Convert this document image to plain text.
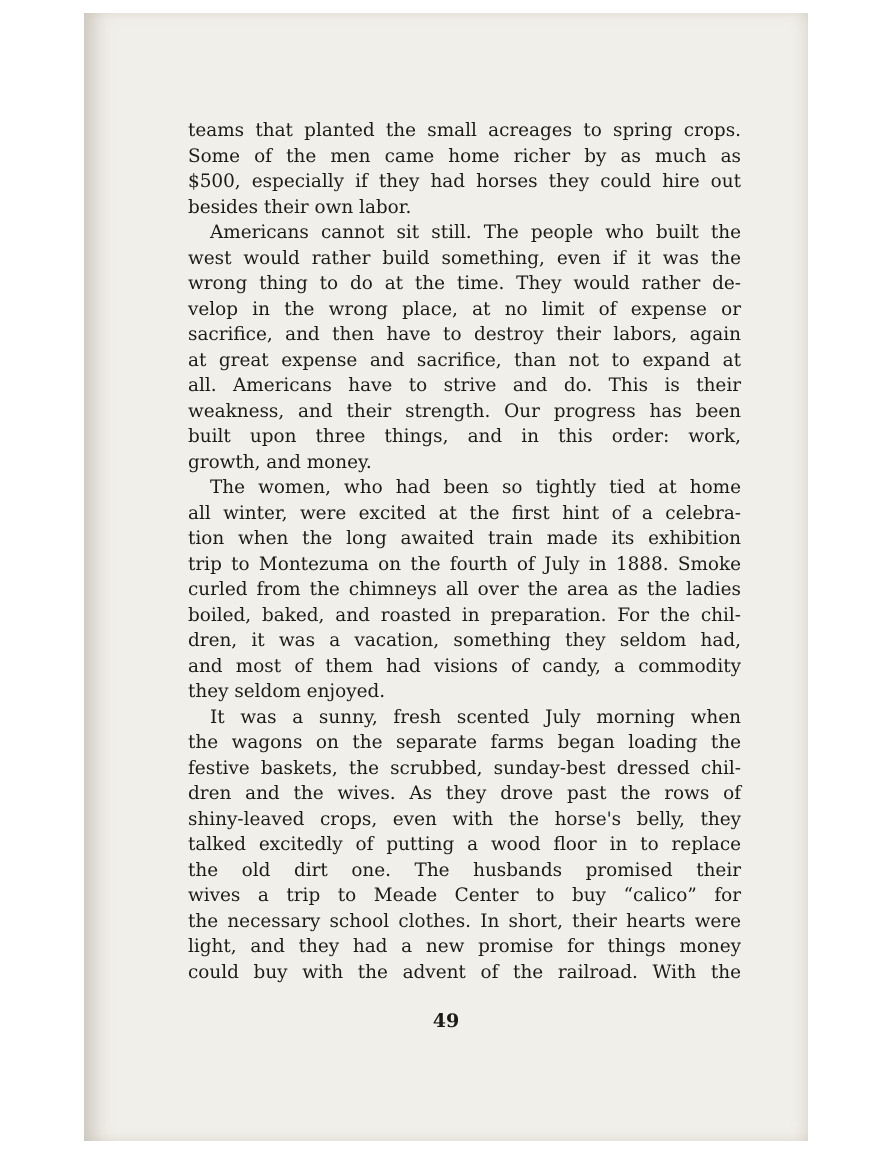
teams that planted the small acreages to spring crops.
Some of the men came home richer by as much as
$500, especially if they had horses they could hire out
besides their own labor.
Americans cannot sit still. The people who built the
west would rather build something, even if it was the
wrong thing to do at the time. They would rather de-
velop in the wrong place, at no limit of expense or
sacrifice, and then have to destroy their labors, again
at great expense and sacrifice, than not to expand at
all. Americans have to strive and do. This is their
weakness, and their strength. Our progress has been
built upon three things, and in this order: work,
growth, and money.
The women, who had been so tightly tied at home
all winter, were excited at the first hint of a celebra-
tion when the long awaited train made its exhibition
trip to Montezuma on the fourth of July in 1888. Smoke
curled from the chimneys all over the area as the ladies
boiled, baked, and roasted in preparation. For the chil-
dren, it was a vacation, something they seldom had,
and most of them had visions of candy, a commodity
they seldom enjoyed.
It was a sunny, fresh scented July morning when
the wagons on the separate farms began loading the
festive baskets, the scrubbed, sunday-best dressed chil-
dren and the wives. As they drove past the rows of
shiny-leaved crops, even with the horse's belly, they
talked excitedly of putting a wood floor in to replace
the old dirt one. The husbands promised their
wives a trip to Meade Center to buy “calico” for
the necessary school clothes. In short, their hearts were
light, and they had a new promise for things money
could buy with the advent of the railroad. With the
49
